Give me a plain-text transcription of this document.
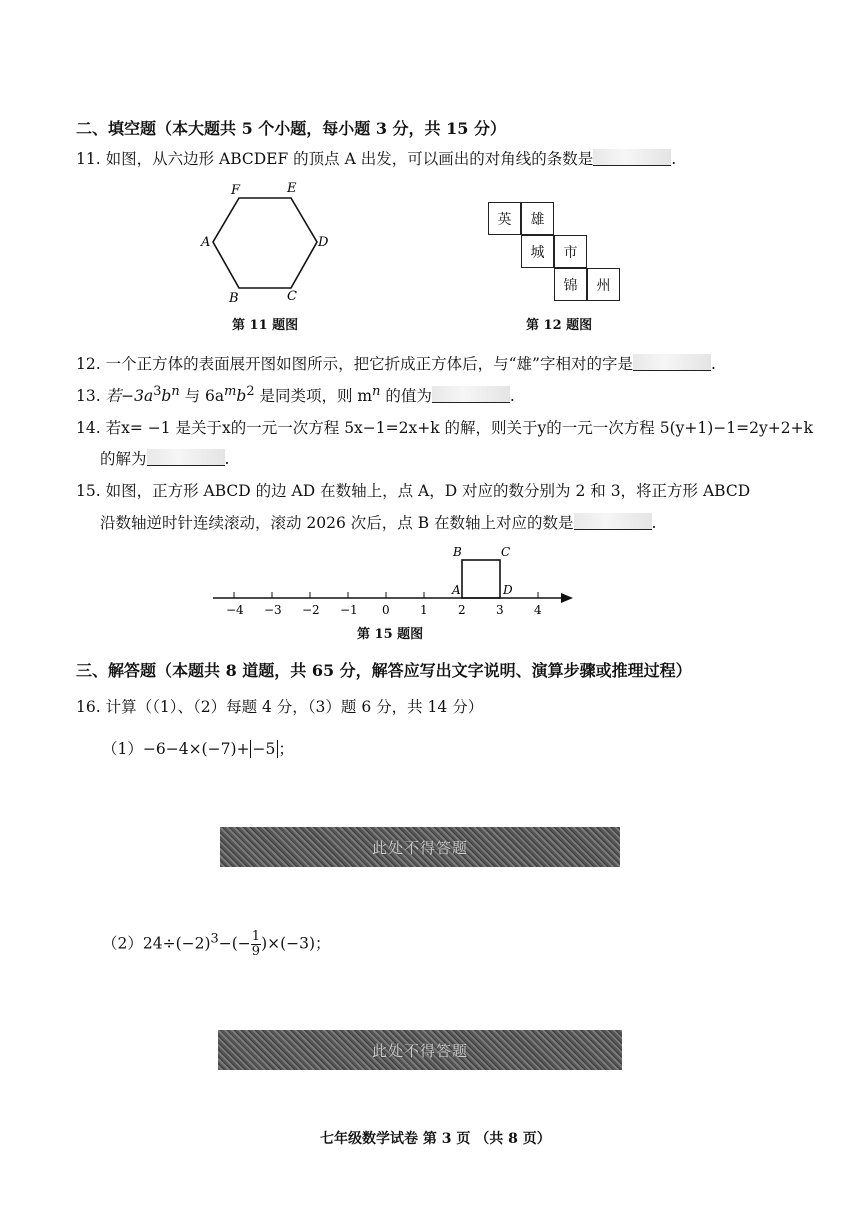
二、填空题（本大题共 5 个小题，每小题 3 分，共 15 分）
11. 如图，从六边形 ABCDEF 的顶点 A 出发，可以画出的对角线的条数是	.
A
B	C
D
E
F
第 11 题图
英	雄
城	市
锦	州
第 12 题图
12. 一个正方体的表面展开图如图所示，把它折成正方体后，与“雄”字相对的字是	.
13. 若$-3a^3b^n$ 与 $6a^mb^2$ 是同类项，则 $m^n$ 的值为	.
14. 若x= −1 是关于x的一元一次方程 5x−1=2x+k 的解，则关于y的一元一次方程 5(y+1)−1=2y+2+k
的解为	.
15. 如图，正方形 ABCD 的边 AD 在数轴上，点 A，D 对应的数分别为 2 和 3，将正方形 ABCD
沿数轴逆时针连续滚动，滚动 2026 次后，点 B 在数轴上对应的数是	.
−4 −3 −2 −1 0	1	2	3	4
A
B	C
D
第 15 题图
三、解答题（本题共 8 道题，共 65 分，解答应写出文字说明、演算步骤或推理过程）
16. 计算（（1）、（2）每题 4 分，（3）题 6 分，共 14 分）
（1）−6−4×(−7)+ −5 ；
此处不得答题
$(2)24\div(-2)^3-(- \frac{1}{9} )\times(-3)$；
此处不得答题
七年级数学试卷 第 3 页 （共 8 页）
